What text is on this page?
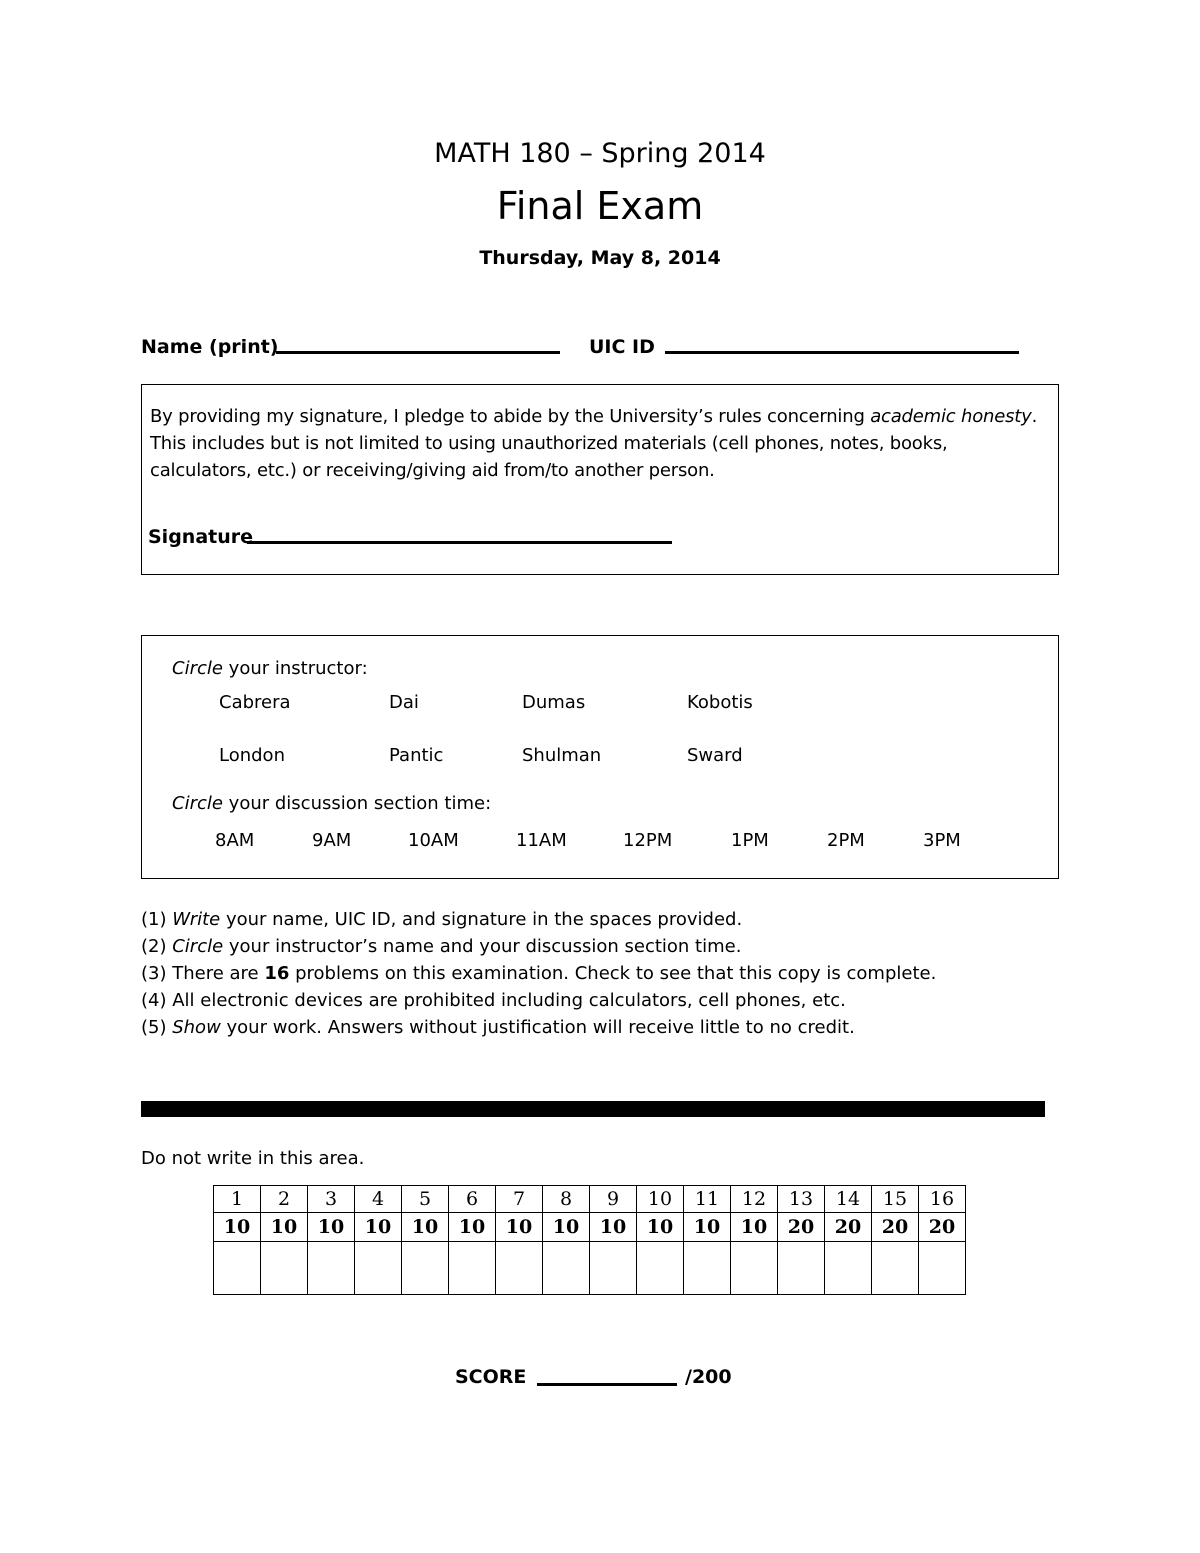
MATH 180 – Spring 2014
Final Exam
Thursday, May 8, 2014
Name (print)	UIC ID
By providing my signature, I pledge to abide by the University’s rules concerning academic honesty. This includes but is not limited to using unauthorized materials (cell phones, notes, books, calculators, etc.) or receiving/giving aid from/to another person.
Signature
Circle your instructor:
Cabrera	Dai	Dumas	Kobotis
London	Pantic	Shulman	Sward
Circle your discussion section time:
8AM	9AM	10AM	11AM	12PM	1PM	2PM	3PM
(1) Write your name, UIC ID, and signature in the spaces provided.
(2) Circle your instructor’s name and your discussion section time.
(3) There are 16 problems on this examination. Check to see that this copy is complete.
(4) All electronic devices are prohibited including calculators, cell phones, etc.
(5) Show your work. Answers without justification will receive little to no credit.
Do not write in this area.
1	2	3	4	5	6	7	8	9	10	11	12	13	14	15	16
10	10	10	10	10	10	10	10	10	10	10	10	20	20	20	20

SCORE	/200
